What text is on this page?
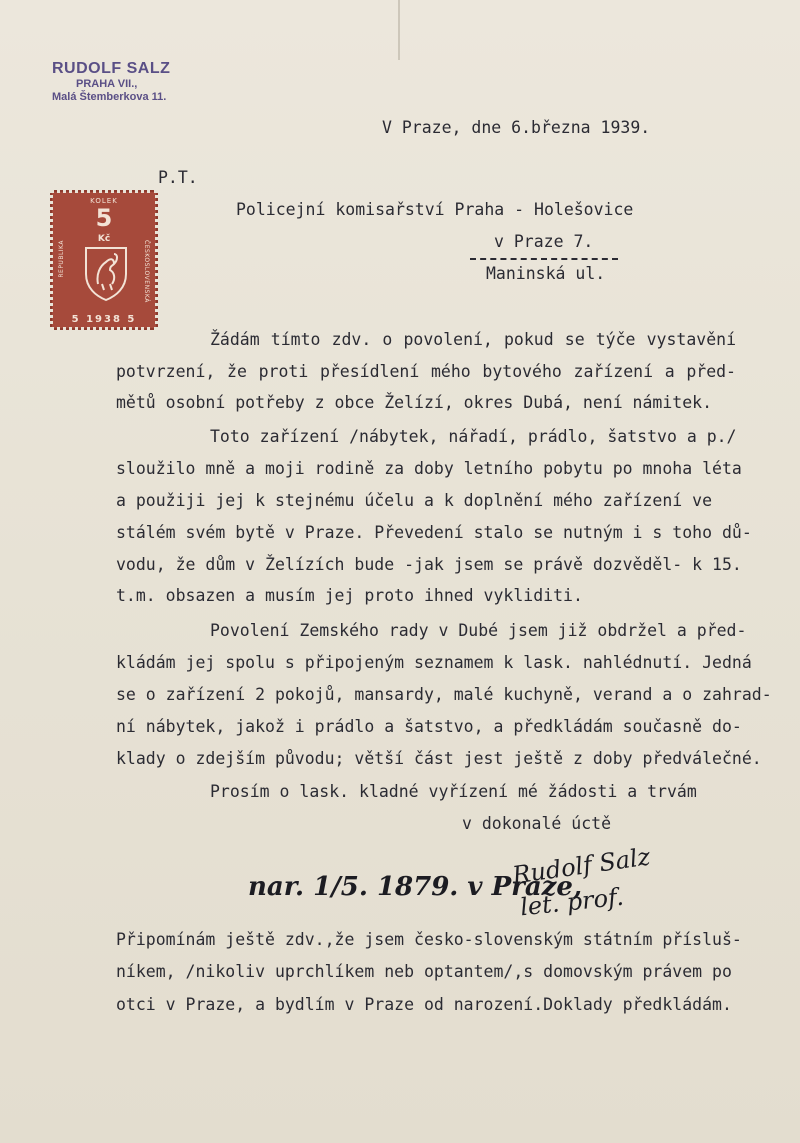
RUDOLF SALZ
PRAHA VII.,
Malá Štemberkova 11.
V Praze, dne 6.března 1939.
P.T.
KOLEK
5
Kč
REPUBLIKA	ČESKOSLOVENSKÁ
5 1938 5
Policejní komisařství Praha - Holešovice
v Praze 7.
Maninská ul.
Žádám tímto zdv. o povolení, pokud se týče vystavění
potvrzení, že proti přesídlení mého bytového zařízení a před-
mětů osobní potřeby z obce Želízí, okres Dubá, není námitek.
Toto zařízení /nábytek, nářadí, prádlo, šatstvo a p./
sloužilo mně a moji rodině za doby letního pobytu po mnoha léta
a použiji jej k stejnému účelu a k doplnění mého zařízení ve
stálém svém bytě v Praze. Převedení stalo se nutným i s toho dů-
vodu, že dům v Želízích bude -jak jsem se právě dozvěděl- k 15.
t.m. obsazen a musím jej proto ihned vykliditi.
Povolení Zemského rady v Dubé jsem již obdržel a před-
kládám jej spolu s připojeným seznamem k lask. nahlédnutí. Jedná
se o zařízení 2 pokojů, mansardy, malé kuchyně, verand a o zahrad-
ní nábytek, jakož i prádlo a šatstvo, a předkládám současně do-
klady o zdejším původu; větší část jest ještě z doby předválečné.
Prosím o lask. kladné vyřízení mé žádosti a trvám
v dokonalé úctě
nar. 1/5. 1879. v Praze,
Rudolf Salz
let. prof.
Připomínám ještě zdv.,že jsem česko-slovenským státním přísluš-
níkem, /nikoliv uprchlíkem neb optantem/,s domovským právem po
otci v Praze, a bydlím v Praze od narození.Doklady předkládám.
